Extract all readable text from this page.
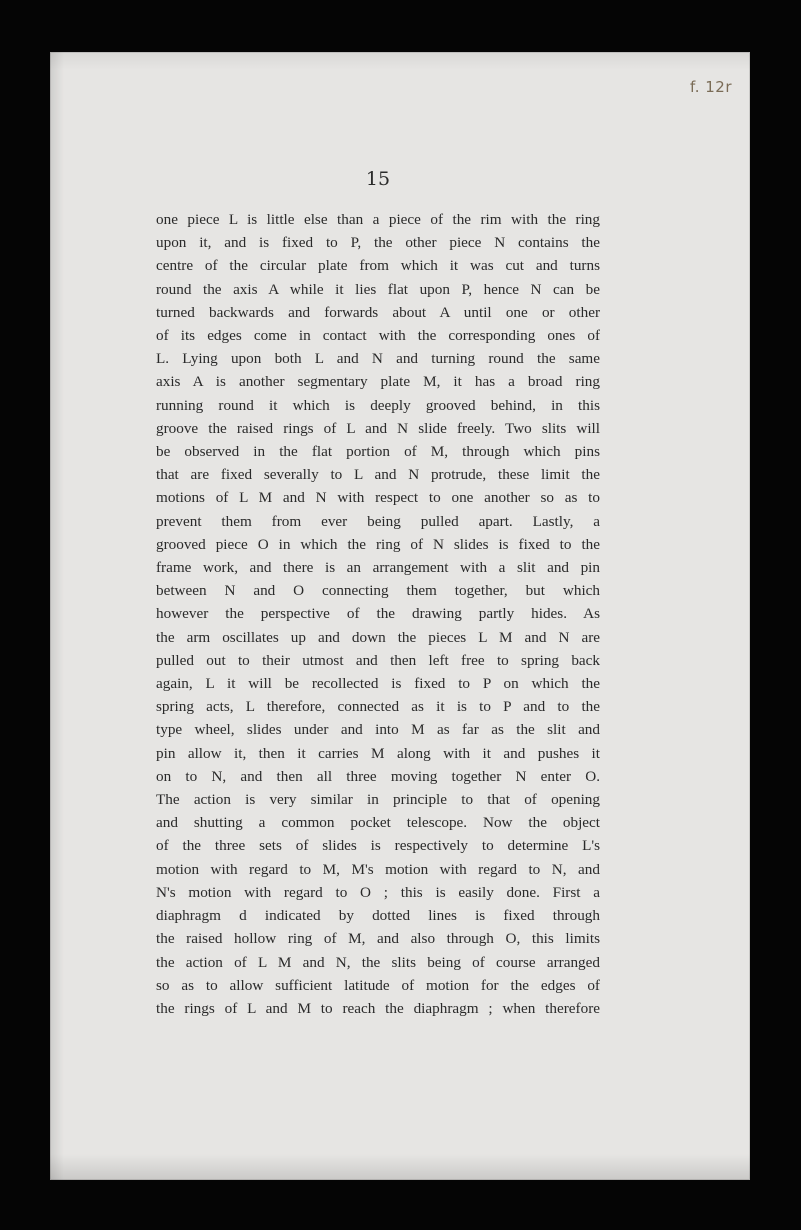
f. 12r
15
one piece L is little else than a piece of the rim with the ring
upon it, and is fixed to P, the other piece N contains the
centre of the circular plate from which it was cut and turns
round the axis A while it lies flat upon P, hence N can be
turned backwards and forwards about A until one or other
of its edges come in contact with the corresponding ones of
L. Lying upon both L and N and turning round the same
axis A is another segmentary plate M, it has a broad ring
running round it which is deeply grooved behind, in this
groove the raised rings of L and N slide freely. Two slits will
be observed in the flat portion of M, through which pins
that are fixed severally to L and N protrude, these limit the
motions of L M and N with respect to one another so as to
prevent them from ever being pulled apart. Lastly, a
grooved piece O in which the ring of N slides is fixed to the
frame work, and there is an arrangement with a slit and pin
between N and O connecting them together, but which
however the perspective of the drawing partly hides. As
the arm oscillates up and down the pieces L M and N are
pulled out to their utmost and then left free to spring back
again, L it will be recollected is fixed to P on which the
spring acts, L therefore, connected as it is to P and to the
type wheel, slides under and into M as far as the slit and
pin allow it, then it carries M along with it and pushes it
on to N, and then all three moving together N enter O.
The action is very similar in principle to that of opening
and shutting a common pocket telescope. Now the object
of the three sets of slides is respectively to determine L's
motion with regard to M, M's motion with regard to N, and
N's motion with regard to O ; this is easily done. First a
diaphragm d indicated by dotted lines is fixed through
the raised hollow ring of M, and also through O, this limits
the action of L M and N, the slits being of course arranged
so as to allow sufficient latitude of motion for the edges of
the rings of L and M to reach the diaphragm ; when therefore
